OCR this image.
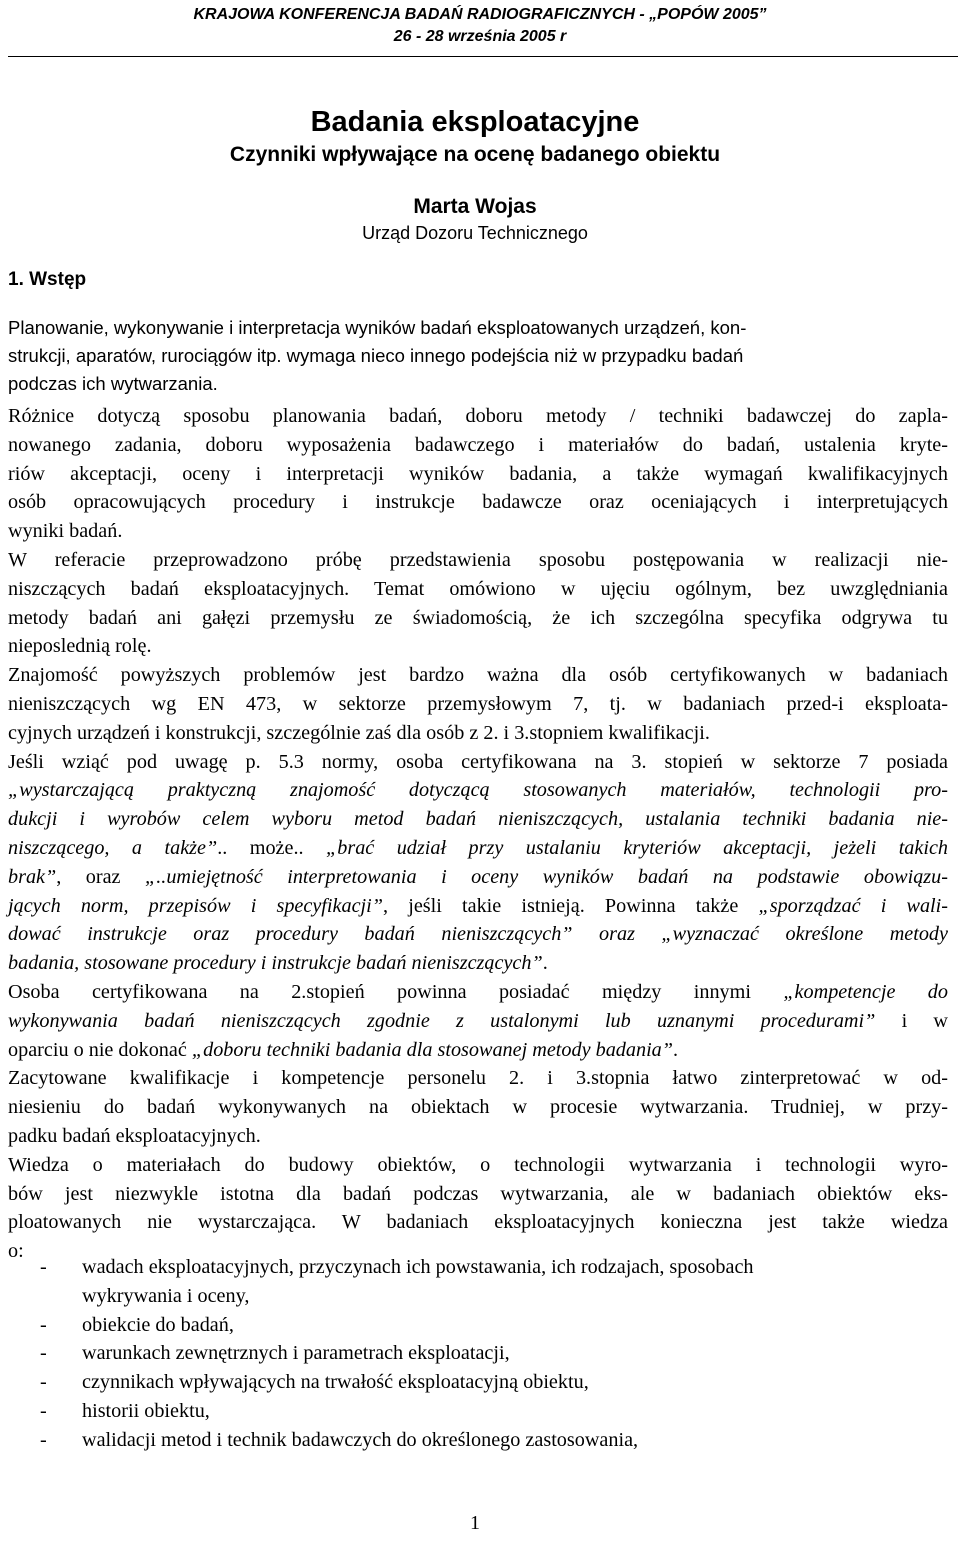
KRAJOWA KONFERENCJA BADAŃ RADIOGRAFICZNYCH - „POPÓW 2005”
26 - 28 września 2005 r
Badania eksploatacyjne
Czynniki wpływające na ocenę badanego obiektu
Marta Wojas
Urząd Dozoru Technicznego
1. Wstęp
Planowanie, wykonywanie i interpretacja wyników badań eksploatowanych urządzeń, kon-
strukcji, aparatów, rurociągów itp. wymaga nieco innego podejścia niż w przypadku badań
podczas ich wytwarzania.
Różnice dotyczą sposobu planowania badań, doboru metody / techniki badawczej do zapla-
nowanego zadania, doboru wyposażenia badawczego i materiałów do badań, ustalenia kryte-
riów akceptacji, oceny i interpretacji wyników badania, a także wymagań kwalifikacyjnych
osób opracowujących procedury i instrukcje badawcze oraz oceniających i interpretujących
wyniki badań.
W referacie przeprowadzono próbę przedstawienia sposobu postępowania w realizacji nie-
niszczących badań eksploatacyjnych. Temat omówiono w ujęciu ogólnym, bez uwzględniania
metody badań ani gałęzi przemysłu ze świadomością, że ich szczególna specyfika odgrywa tu
nieposlednią rolę.
Znajomość powyższych problemów jest bardzo ważna dla osób certyfikowanych w badaniach
nieniszczących wg EN 473, w sektorze przemysłowym 7, tj. w badaniach przed-i eksploata-
cyjnych urządzeń i konstrukcji, szczególnie zaś dla osób z 2. i 3.stopniem kwalifikacji.
Jeśli wziąć pod uwagę p. 5.3 normy, osoba certyfikowana na 3. stopień w sektorze 7 posiada
„wystarczającą praktyczną znajomość dotyczącą stosowanych materiałów, technologii pro-
dukcji i wyrobów celem wyboru metod badań nieniszczących, ustalania techniki badania nie-
niszczącego, a także”.. może.. „brać udział przy ustalaniu kryteriów akceptacji, jeżeli takich
brak”, oraz „..umiejętność interpretowania i oceny wyników badań na podstawie obowiązu-
jących norm, przepisów i specyfikacji”, jeśli takie istnieją. Powinna także „sporządzać i wali-
dować instrukcje oraz procedury badań nieniszczących” oraz „wyznaczać określone metody
badania, stosowane procedury i instrukcje badań nieniszczących”.
Osoba certyfikowana na 2.stopień powinna posiadać między innymi „kompetencje do
wykonywania badań nieniszczących zgodnie z ustalonymi lub uznanymi procedurami” i w
oparciu o nie dokonać „doboru techniki badania dla stosowanej metody badania”.
Zacytowane kwalifikacje i kompetencje personelu 2. i 3.stopnia łatwo zinterpretować w od-
niesieniu do badań wykonywanych na obiektach w procesie wytwarzania. Trudniej, w przy-
padku badań eksploatacyjnych.
Wiedza o materiałach do budowy obiektów, o technologii wytwarzania i technologii wyro-
bów jest niezwykle istotna dla badań podczas wytwarzania, ale w badaniach obiektów eks-
ploatowanych nie wystarczająca. W badaniach eksploatacyjnych konieczna jest także wiedza
o:
- wadach eksploatacyjnych, przyczynach ich powstawania, ich rodzajach, sposobach
wykrywania i oceny,
- obiekcie do badań,
- warunkach zewnętrznych i parametrach eksploatacji,
- czynnikach wpływających na trwałość eksploatacyjną obiektu,
- historii obiektu,
- walidacji metod i technik badawczych do określonego zastosowania,
1
